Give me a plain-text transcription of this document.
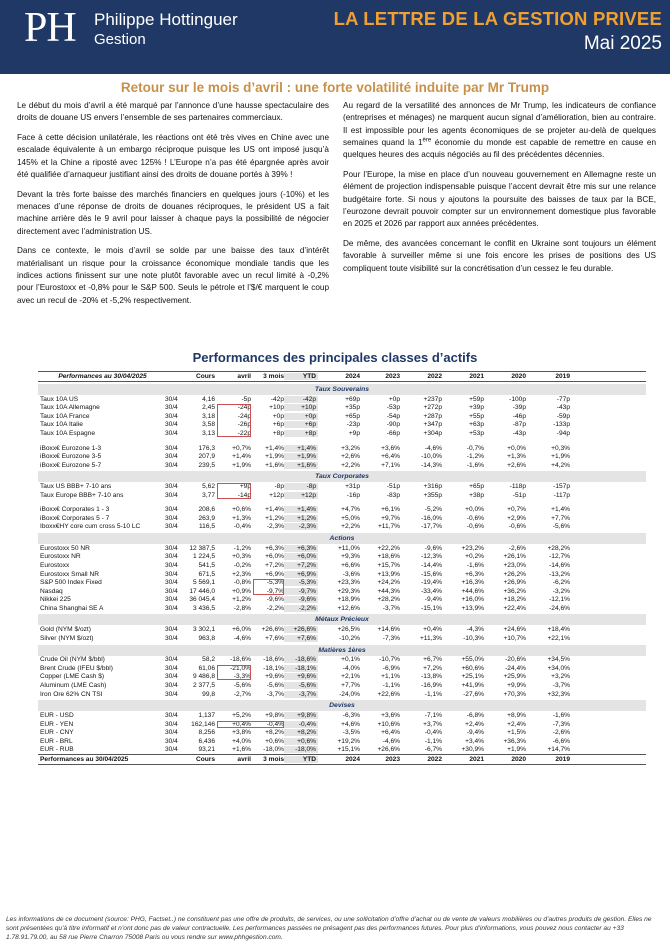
PH Philippe Hottinguer
Gestion
LA LETTRE DE LA GESTION PRIVEE
Mai 2025
Retour sur le mois d’avril : une forte volatilité induite par Mr Trump

Le début du mois d’avril a été marqué par l’annonce d’une hausse spectaculaire des droits de douane US envers l’ensemble de ses partenaires commerciaux.

Face à cette décision unilatérale, les réactions ont été très vives en Chine avec une escalade équivalente à un embargo réciproque puisque les US ont imposé jusqu’à 145% et la Chine a riposté avec 125% ! L’Europe n’a pas été épargnée après avoir été qualifiée d’arnaqueur justifiant ainsi des droits de douane portés à 39% !

Devant la très forte baisse des marchés financiers en quelques jours (-10%) et les menaces d’une réponse de droits de douanes réciproques, le président US a fait machine arrière dès le 9 avril pour laisser à chaque pays la possibilité de négocier directement avec l’administration US.

Dans ce contexte, le mois d’avril se solde par une baisse des taux d’intérêt matérialisant un risque pour la croissance économique mondiale tandis que les indices actions finissent sur une note plutôt favorable avec un recul limité à -0,2% pour l’Eurostoxx et -0,8% pour le S&P 500. Seuls le pétrole et l’$/€ marquent le coup avec un recul de -20% et -5,2% respectivement.

Au regard de la versatilité des annonces de Mr Trump, les indicateurs de confiance (entreprises et ménages) ne marquent aucun signal d’amélioration, bien au contraire. Il est impossible pour les agents économiques de se projeter au-delà de quelques semaines quand la 1ère économie du monde est capable de remettre en cause en quelques heures des acquis négociés au fil des précédentes décennies.

Pour l’Europe, la mise en place d’un nouveau gouvernement en Allemagne reste un élément de projection indispensable puisque l’accent devrait être mis sur une relance budgétaire forte. Si nous y ajoutons la poursuite des baisses de taux par la BCE, l’eurozone devrait pouvoir compter sur un environnement domestique plus favorable en 2025 et 2026 par rapport aux années précédentes.

De même, des avancées concernant le conflit en Ukraine sont toujours un élément favorable à surveiller même si une fois encore les prises de positions des US compliquent toute visibilité sur la concrétisation d’un cessez le feu durable.

Performances des principales classes d’actifs
Performances au 30/04/2025	Cours	avril	3 mois	YTD	2024	2023	2022	2021	2020	2019
Taux Souverains
Taux 10A US	30/4	4,16	-5p	-42p	-42p	+69p	+0p	+237p	+59p	-100p	-77p
Taux 10A Allemagne	30/4	2,45	-24p	+10p	+10p	+35p	-53p	+272p	+39p	-39p	-43p
Taux 10A France	30/4	3,18	-24p	+0p	+0p	+65p	-54p	+287p	+55p	-46p	-59p
Taux 10A Italie	30/4	3,58	-26p	+6p	+6p	-23p	-90p	+347p	+63p	-87p	-133p
Taux 10A Espagne	30/4	3,13	-22p	+8p	+8p	+9p	-66p	+304p	+53p	-43p	-94p
iBoxx€ Eurozone 1-3	30/4	176,3	+0,7%	+1,4%	+1,4%	+3,2%	+3,6%	-4,6%	-0,7%	+0,0%	+0,3%
iBoxx€ Eurozone 3-5	30/4	207,9	+1,4%	+1,9%	+1,9%	+2,6%	+6,4%	-10,0%	-1,2%	+1,3%	+1,9%
iBoxx€ Eurozone 5-7	30/4	239,5	+1,9%	+1,6%	+1,6%	+2,2%	+7,1%	-14,3%	-1,6%	+2,6%	+4,2%
Taux Corporates
Taux US BBB+ 7-10 ans	30/4	5,62	+9p	-8p	-8p	+31p	-51p	+316p	+65p	-118p	-157p
Taux Europe BBB+ 7-10 ans	30/4	3,77	-14p	+12p	+12p	-16p	-83p	+355p	+38p	-51p	-117p
iBoxx€ Corporates 1 - 3	30/4	208,6	+0,6%	+1,4%	+1,4%	+4,7%	+6,1%	-5,2%	+0,0%	+0,7%	+1,4%
iBoxx€ Corporates 5 - 7	30/4	263,9	+1,3%	+1,2%	+1,2%	+5,0%	+9,7%	-16,0%	-0,6%	+2,9%	+7,7%
Iboxx€HY core cum cross 5-10 LC	30/4	116,5	-0,4%	-2,3%	-2,3%	+2,2%	+11,7%	-17,7%	-0,6%	-0,6%	-5,6%
Actions
Eurostoxx 50 NR	30/4	12 387,5	-1,2%	+6,3%	+6,3%	+11,0%	+22,2%	-9,6%	+23,2%	-2,6%	+28,2%
Eurostoxx NR	30/4	1 224,5	+0,3%	+6,0%	+6,0%	+9,3%	+18,6%	-12,3%	+0,2%	+26,1%	-12,7%
Eurostoxx	30/4	541,5	-0,2%	+7,2%	+7,2%	+6,6%	+15,7%	-14,4%	-1,6%	+23,0%	-14,6%
Eurostoxx Small NR	30/4	671,5	+2,3%	+6,9%	+6,9%	-3,6%	+13,9%	-15,6%	+6,3%	+26,2%	-13,2%
S&P 500 Index Fixed	30/4	5 569,1	-0,8%	-5,3%	-5,3%	+23,3%	+24,2%	-19,4%	+16,3%	+26,9%	-6,2%
Nasdaq	30/4	17 446,0	+0,9%	-9,7%	-9,7%	+29,3%	+44,3%	-33,4%	+44,6%	+36,2%	-3,2%
Nikkei 225	30/4	36 045,4	+1,2%	-9,6%	-9,6%	+18,9%	+28,2%	-9,4%	+16,0%	+18,2%	-12,1%
China Shanghai SE A	30/4	3 436,5	-2,8%	-2,2%	-2,2%	+12,6%	-3,7%	-15,1%	+13,9%	+22,4%	-24,6%
Métaux Précieux
Gold (NYM $/ozt)	30/4	3 302,1	+6,0%	+26,6%	+26,6%	+26,5%	+14,6%	+0,4%	-4,3%	+24,6%	+18,4%
Silver (NYM $/ozt)	30/4	963,8	-4,6%	+7,6%	+7,6%	-10,2%	-7,3%	+11,3%	-10,3%	+10,7%	+22,1%
Matières 1ères
Crude Oil (NYM $/bbl)	30/4	58,2	-18,6%	-18,6%	-18,6%	+0,1%	-10,7%	+6,7%	+55,0%	-20,6%	+34,5%
Brent Crude (IFEU $/bbl)	30/4	61,06	-21,0%	-18,1%	-18,1%	-4,0%	-6,9%	+7,2%	+60,6%	-24,4%	+34,0%
Copper (LME Cash $)	30/4	9 486,8	-3,3%	+9,6%	+9,6%	+2,1%	+1,1%	-13,8%	+25,1%	+25,9%	+3,2%
Aluminum (LME Cash)	30/4	2 377,5	-5,6%	-5,6%	-5,6%	+7,7%	-1,1%	-16,9%	+41,9%	+9,9%	-3,7%
Iron Ore 62% CN TSI	30/4	99,8	-2,7%	-3,7%	-3,7%	-24,0%	+22,6%	-1,1%	-27,6%	+70,3%	+32,3%
Devises
EUR - USD	30/4	1,137	+5,2%	+9,8%	+9,8%	-6,3%	+3,6%	-7,1%	-6,8%	+8,9%	-1,6%
EUR - YEN	30/4	162,146	+0,4%	-0,4%	-0,4%	+4,6%	+10,6%	+3,7%	+2,4%	+2,4%	-7,3%
EUR - CNY	30/4	8,256	+3,8%	+8,2%	+8,2%	-3,5%	+6,4%	-0,4%	-9,4%	+1,5%	-2,6%
EUR - BRL	30/4	6,436	+4,0%	+0,6%	+0,6%	+19,2%	-4,6%	-1,1%	+3,4%	+36,3%	-6,6%
EUR - RUB	30/4	93,21	+1,6%	-18,0%	-18,0%	+15,1%	+26,6%	-6,7%	+30,9%	+1,9%	+14,7%
Performances au 30/04/2025	Cours	avril	3 mois	YTD	2024	2023	2022	2021	2020	2019
Les informations de ce document (source: PHG, Factset..) ne constituent pas une offre de produits, de services, ou une sollicitation d’offre d’achat ou de vente de valeurs mobilières ou d’autres produits de gestion. Elles ne sont présentées qu’à titre informatif et n’ont donc pas de valeur contractuelle. Les performances passées ne présagent pas des performances futures. Pour plus d’informations, vous pouvez nous contacter au +33 1.78.91.79.00, au 58 rue Pierre Charron 75008 Paris ou vous rendre sur www.phhgestion.com.
